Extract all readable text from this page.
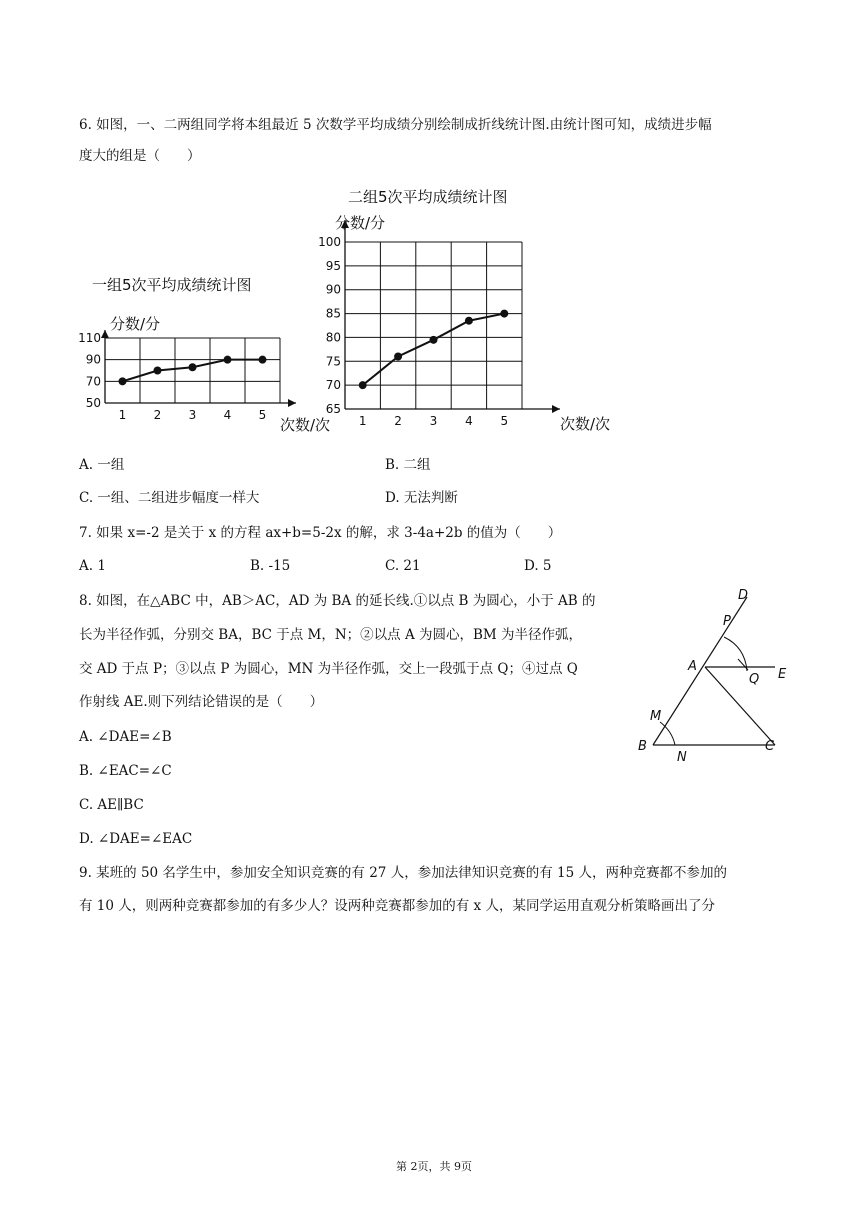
6. 如图，一、二两组同学将本组最近 5 次数学平均成绩分别绘制成折线统计图.由统计图可知，成绩进步幅
度大的组是（　　）
50
70
90
110
1 2 3 4 5
一组5次平均成绩统计图
分数/分
次数/次
65
70
75
80
85
90
95
100
1 2 3 4 5
二组5次平均成绩统计图
分数/分
次数/次
A. 一组	B. 二组
C. 一组、二组进步幅度一样大	D. 无法判断
7. 如果 x=-2 是关于 x 的方程 ax+b=5-2x 的解，求 3-4a+2b 的值为（　　）
A. 1	B. -15	C. 21	D. 5
8. 如图，在△ABC 中，AB＞AC，AD 为 BA 的延长线.①以点 B 为圆心，小于 AB 的
长为半径作弧，分别交 BA，BC 于点 M，N；②以点 A 为圆心，BM 为半径作弧，
交 AD 于点 P；③以点 P 为圆心，MN 为半径作弧，交上一段弧于点 Q；④过点 Q
作射线 AE.则下列结论错误的是（　　）
A. ∠DAE=∠B
B. ∠EAC=∠C
C. AE∥BC
D. ∠DAE=∠EAC
D
P
A
Q E
M
B
N
C
9. 某班的 50 名学生中，参加安全知识竞赛的有 27 人，参加法律知识竞赛的有 15 人，两种竞赛都不参加的
有 10 人，则两种竞赛都参加的有多少人？设两种竞赛都参加的有 x 人，某同学运用直观分析策略画出了分
第 2页，共 9页
